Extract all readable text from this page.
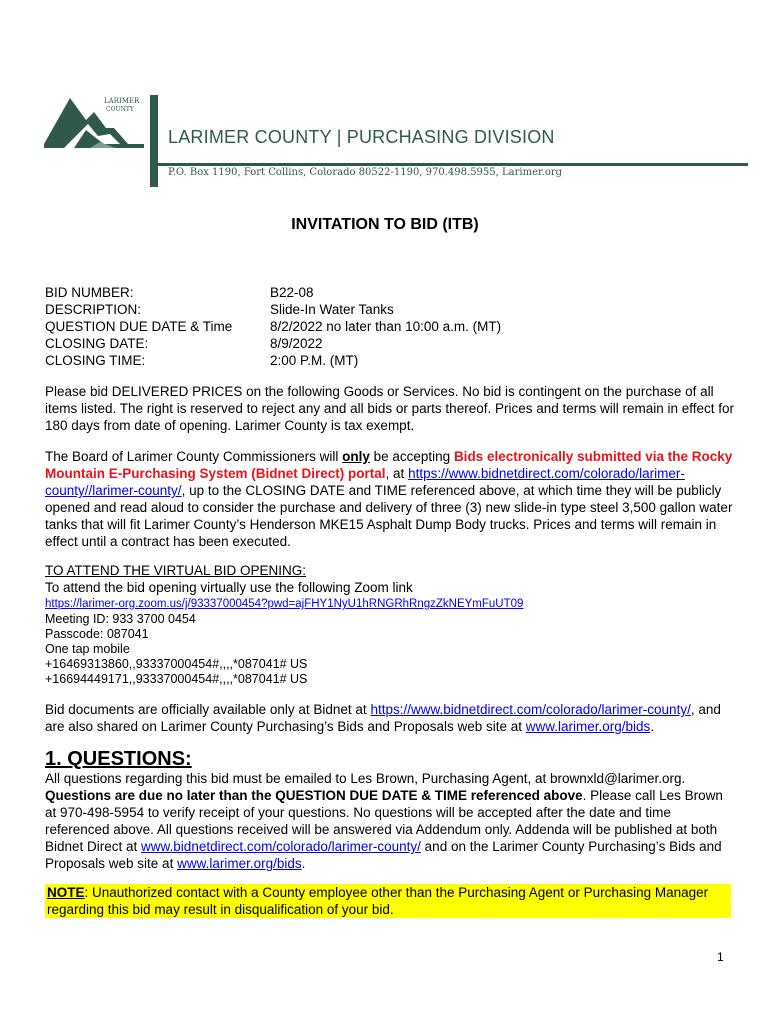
LARIMER
COUNTY
LARIMER COUNTY | PURCHASING DIVISION
P.O. Box 1190, Fort Collins, Colorado 80522-1190, 970.498.5955, Larimer.org
INVITATION TO BID (ITB)
BID NUMBER:	B22-08
DESCRIPTION:	Slide-In Water Tanks
QUESTION DUE DATE & Time	8/2/2022 no later than 10:00 a.m. (MT)
CLOSING DATE:	8/9/2022
CLOSING TIME:	2:00 P.M. (MT)
Please bid DELIVERED PRICES on the following Goods or Services. No bid is contingent on the purchase of all items listed. The right is reserved to reject any and all bids or parts thereof. Prices and terms will remain in effect for 180 days from date of opening. Larimer County is tax exempt.
The Board of Larimer County Commissioners will only be accepting Bids electronically submitted via the Rocky Mountain E-Purchasing System (Bidnet Direct) portal, at https://www.bidnetdirect.com/colorado/larimer-county//larimer-county/, up to the CLOSING DATE and TIME referenced above, at which time they will be publicly opened and read aloud to consider the purchase and delivery of three (3) new slide-in type steel 3,500 gallon water tanks that will fit Larimer County’s Henderson MKE15 Asphalt Dump Body trucks. Prices and terms will remain in effect until a contract has been executed.
TO ATTEND THE VIRTUAL BID OPENING:
To attend the bid opening virtually use the following Zoom link
https://larimer-org.zoom.us/j/93337000454?pwd=ajFHY1NyU1hRNGRhRngzZkNEYmFuUT09
Meeting ID: 933 3700 0454
Passcode: 087041
One tap mobile
+16469313860,,93337000454#,,,,*087041# US
+16694449171,,93337000454#,,,,*087041# US
Bid documents are officially available only at Bidnet at https://www.bidnetdirect.com/colorado/larimer-county/, and are also shared on Larimer County Purchasing’s Bids and Proposals web site at www.larimer.org/bids.
1. QUESTIONS:
All questions regarding this bid must be emailed to Les Brown, Purchasing Agent, at brownxld@larimer.org.
Questions are due no later than the QUESTION DUE DATE & TIME referenced above. Please call Les Brown at 970-498-5954 to verify receipt of your questions. No questions will be accepted after the date and time referenced above. All questions received will be answered via Addendum only. Addenda will be published at both Bidnet Direct at www.bidnetdirect.com/colorado/larimer-county/ and on the Larimer County Purchasing’s Bids and Proposals web site at www.larimer.org/bids.
NOTE: Unauthorized contact with a County employee other than the Purchasing Agent or Purchasing Manager regarding this bid may result in disqualification of your bid.
1
